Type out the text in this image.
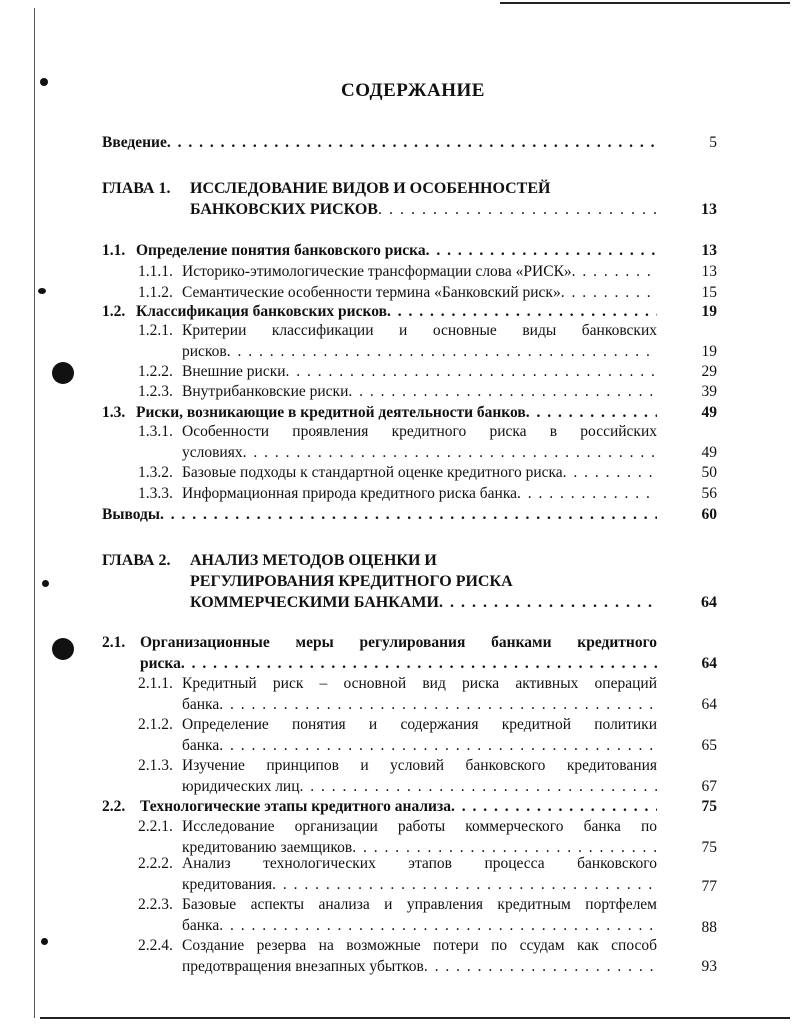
СОДЕРЖАНИЕ
Введение . . .	5
ГЛАВА 1. ИССЛЕДОВАНИЕ ВИДОВ И ОСОБЕННОСТЕЙ
БАНКОВСКИХ РИСКОВ . . .	13
1.1. Определение понятия банковского риска . . .	13
1.1.1. Историко-этимологические трансформации слова «РИСК» . . .	13
1.1.2. Семантические особенности термина «Банковский риск» . . .	15
1.2. Классификация банковских рисков . . .	19
1.2.1. Критерии классификации и основные виды банковских
рисков . . .	19
1.2.2. Внешние риски . . .	29
1.2.3. Внутрибанковские риски . . .	39
1.3. Риски, возникающие в кредитной деятельности банков . . .	49
1.3.1. Особенности проявления кредитного риска в российских
условиях . . .	49
1.3.2. Базовые подходы к стандартной оценке кредитного риска . . .	50
1.3.3. Информационная природа кредитного риска банка . . .	56
Выводы . . .	60
ГЛАВА 2. АНАЛИЗ МЕТОДОВ ОЦЕНКИ И
РЕГУЛИРОВАНИЯ КРЕДИТНОГО РИСКА
КОММЕРЧЕСКИМИ БАНКАМИ . . .	64
2.1. Организационные меры регулирования банками кредитного
риска . . .	64
2.1.1. Кредитный риск – основной вид риска активных операций
банка . . .	64
2.1.2. Определение понятия и содержания кредитной политики
банка . . .	65
2.1.3. Изучение принципов и условий банковского кредитования
юридических лиц . . .	67
2.2. Технологические этапы кредитного анализа . . .	75
2.2.1. Исследование организации работы коммерческого банка по
кредитованию заемщиков . . .	75
2.2.2. Анализ технологических этапов процесса банковского
кредитования . . .	77
2.2.3. Базовые аспекты анализа и управления кредитным портфелем
банка . . .	88
2.2.4. Создание резерва на возможные потери по ссудам как способ
предотвращения внезапных убытков . . .	93
